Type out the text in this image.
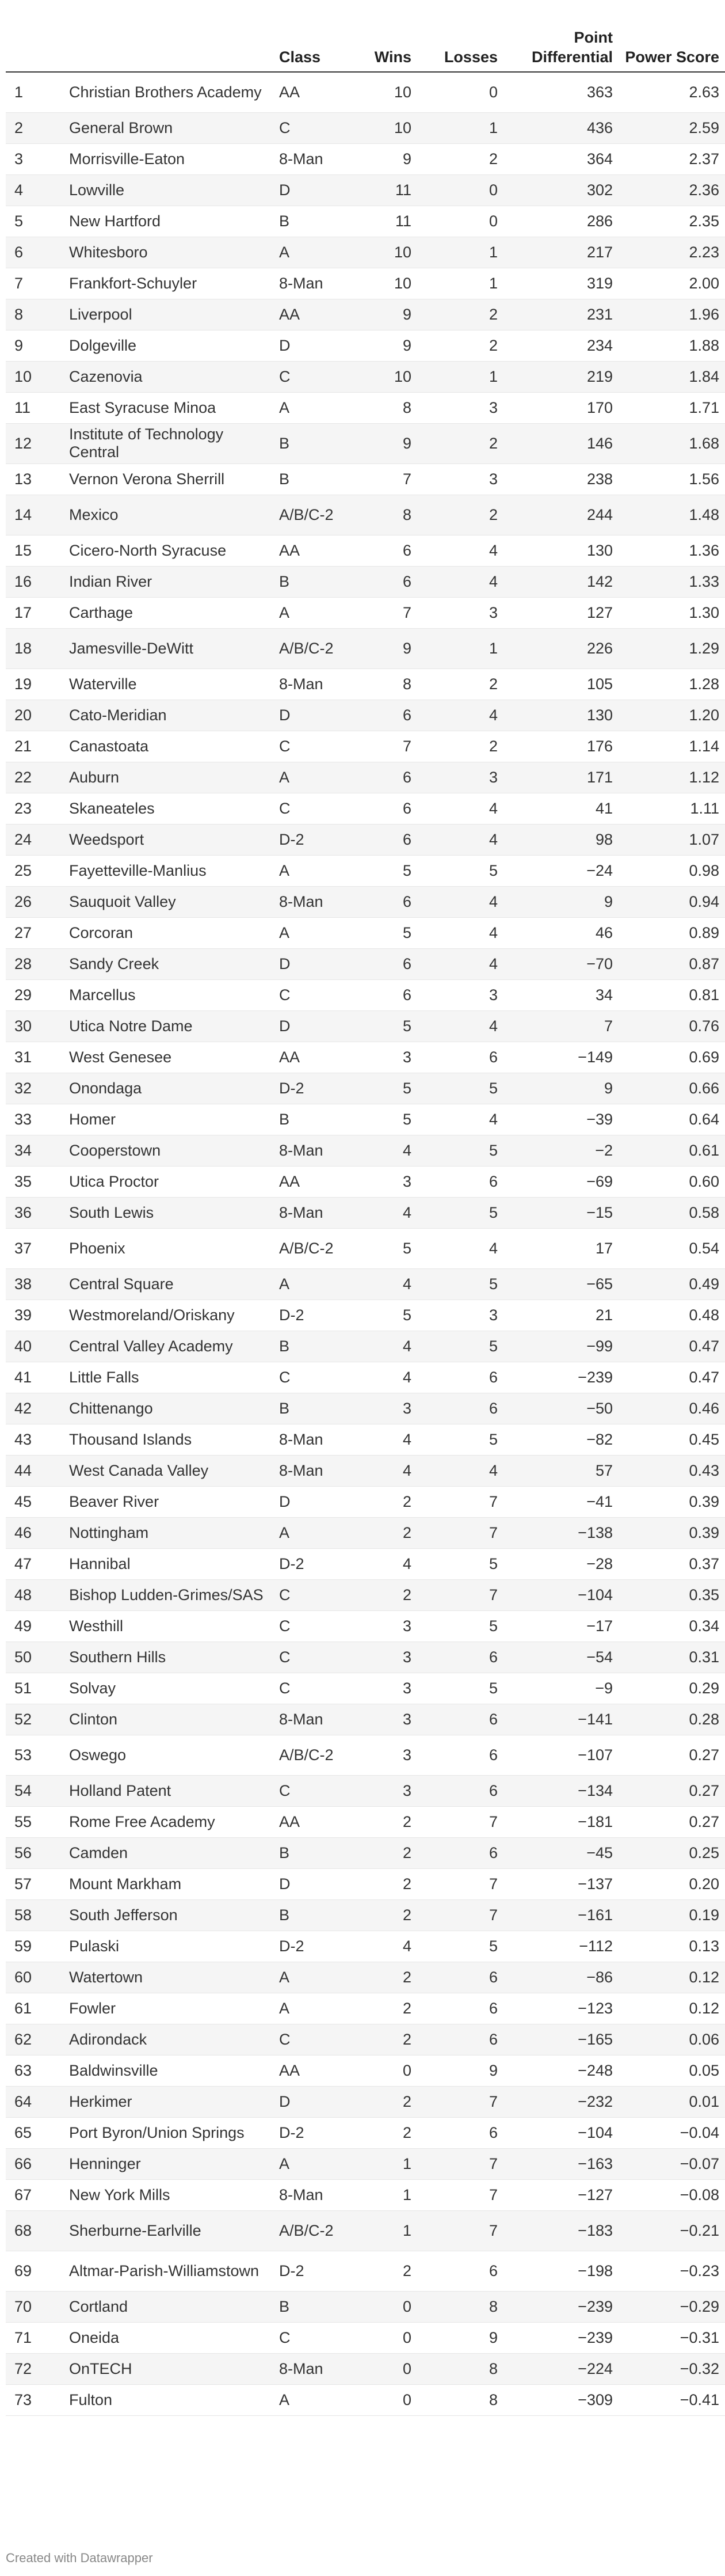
		Class	Wins	Losses	Point Differential	Power Score
1	Christian Brothers Academy	AA	10	0	363	2.63
2	General Brown	C	10	1	436	2.59
3	Morrisville-Eaton	8-Man	9	2	364	2.37
4	Lowville	D	11	0	302	2.36
5	New Hartford	B	11	0	286	2.35
6	Whitesboro	A	10	1	217	2.23
7	Frankfort-Schuyler	8-Man	10	1	319	2.00
8	Liverpool	AA	9	2	231	1.96
9	Dolgeville	D	9	2	234	1.88
10	Cazenovia	C	10	1	219	1.84
11	East Syracuse Minoa	A	8	3	170	1.71
12	Institute of Technology Central	B	9	2	146	1.68
13	Vernon Verona Sherrill	B	7	3	238	1.56
14	Mexico	A/B/C-2	8	2	244	1.48
15	Cicero-North Syracuse	AA	6	4	130	1.36
16	Indian River	B	6	4	142	1.33
17	Carthage	A	7	3	127	1.30
18	Jamesville-DeWitt	A/B/C-2	9	1	226	1.29
19	Waterville	8-Man	8	2	105	1.28
20	Cato-Meridian	D	6	4	130	1.20
21	Canastoata	C	7	2	176	1.14
22	Auburn	A	6	3	171	1.12
23	Skaneateles	C	6	4	41	1.11
24	Weedsport	D-2	6	4	98	1.07
25	Fayetteville-Manlius	A	5	5	−24	0.98
26	Sauquoit Valley	8-Man	6	4	9	0.94
27	Corcoran	A	5	4	46	0.89
28	Sandy Creek	D	6	4	−70	0.87
29	Marcellus	C	6	3	34	0.81
30	Utica Notre Dame	D	5	4	7	0.76
31	West Genesee	AA	3	6	−149	0.69
32	Onondaga	D-2	5	5	9	0.66
33	Homer	B	5	4	−39	0.64
34	Cooperstown	8-Man	4	5	−2	0.61
35	Utica Proctor	AA	3	6	−69	0.60
36	South Lewis	8-Man	4	5	−15	0.58
37	Phoenix	A/B/C-2	5	4	17	0.54
38	Central Square	A	4	5	−65	0.49
39	Westmoreland/Oriskany	D-2	5	3	21	0.48
40	Central Valley Academy	B	4	5	−99	0.47
41	Little Falls	C	4	6	−239	0.47
42	Chittenango	B	3	6	−50	0.46
43	Thousand Islands	8-Man	4	5	−82	0.45
44	West Canada Valley	8-Man	4	4	57	0.43
45	Beaver River	D	2	7	−41	0.39
46	Nottingham	A	2	7	−138	0.39
47	Hannibal	D-2	4	5	−28	0.37
48	Bishop Ludden-Grimes/SAS	C	2	7	−104	0.35
49	Westhill	C	3	5	−17	0.34
50	Southern Hills	C	3	6	−54	0.31
51	Solvay	C	3	5	−9	0.29
52	Clinton	8-Man	3	6	−141	0.28
53	Oswego	A/B/C-2	3	6	−107	0.27
54	Holland Patent	C	3	6	−134	0.27
55	Rome Free Academy	AA	2	7	−181	0.27
56	Camden	B	2	6	−45	0.25
57	Mount Markham	D	2	7	−137	0.20
58	South Jefferson	B	2	7	−161	0.19
59	Pulaski	D-2	4	5	−112	0.13
60	Watertown	A	2	6	−86	0.12
61	Fowler	A	2	6	−123	0.12
62	Adirondack	C	2	6	−165	0.06
63	Baldwinsville	AA	0	9	−248	0.05
64	Herkimer	D	2	7	−232	0.01
65	Port Byron/Union Springs	D-2	2	6	−104	−0.04
66	Henninger	A	1	7	−163	−0.07
67	New York Mills	8-Man	1	7	−127	−0.08
68	Sherburne-Earlville	A/B/C-2	1	7	−183	−0.21
69	Altmar-Parish-Williamstown	D-2	2	6	−198	−0.23
70	Cortland	B	0	8	−239	−0.29
71	Oneida	C	0	9	−239	−0.31
72	OnTECH	8-Man	0	8	−224	−0.32
73	Fulton	A	0	8	−309	−0.41
Created with Datawrapper
